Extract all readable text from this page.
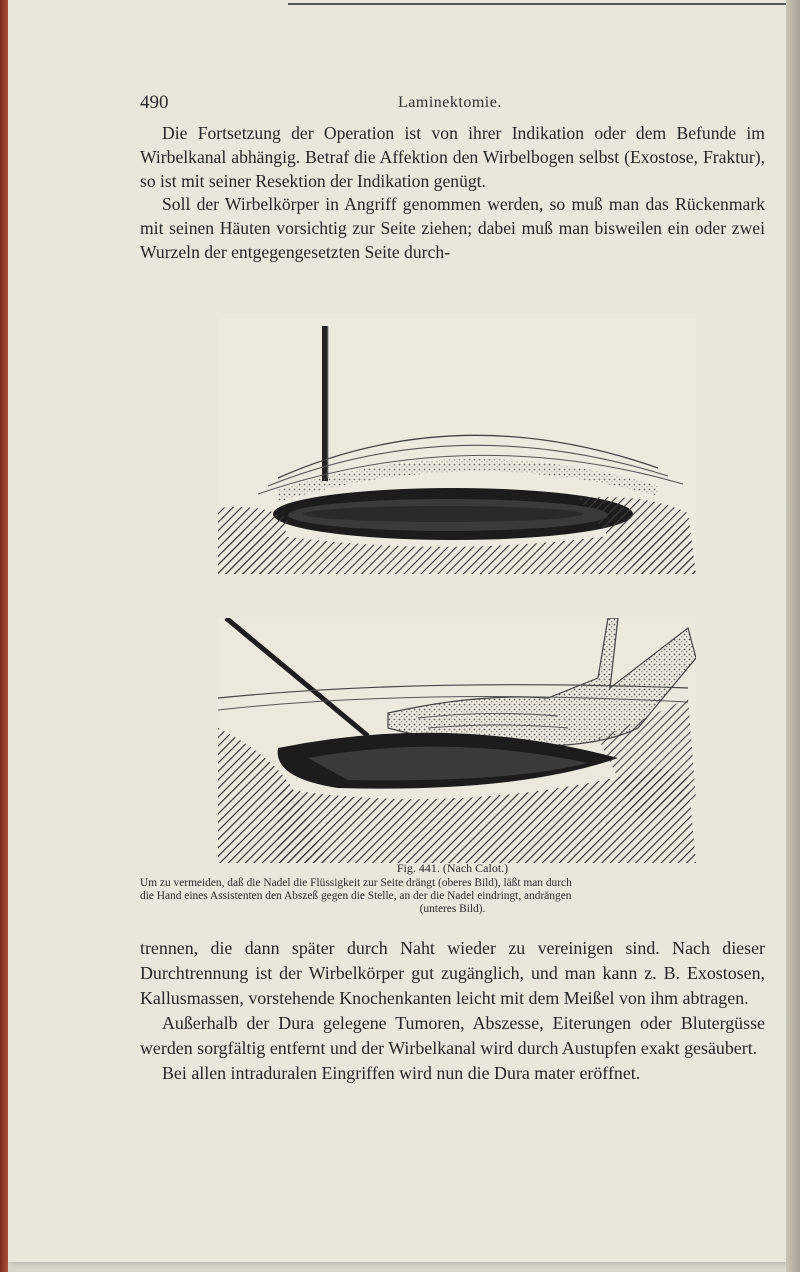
490	Laminektomie.

Die Fortsetzung der Operation ist von ihrer Indikation oder dem Befunde im Wirbelkanal abhängig. Betraf die Affektion den Wirbelbogen selbst (Exostose, Fraktur), so ist mit seiner Resektion der Indikation genügt.

Soll der Wirbelkörper in Angriff genommen werden, so muß man das Rückenmark mit seinen Häuten vorsichtig zur Seite ziehen; dabei muß man bisweilen ein oder zwei Wurzeln der entgegengesetzten Seite durch-

Fig. 441. (Nach Calot.)
Um zu vermeiden, daß die Nadel die Flüssigkeit zur Seite drängt (oberes Bild), läßt man durch
die Hand eines Assistenten den Abszeß gegen die Stelle, an der die Nadel eindringt, andrängen
(unteres Bild).

trennen, die dann später durch Naht wieder zu vereinigen sind. Nach dieser Durchtrennung ist der Wirbelkörper gut zugänglich, und man kann z. B. Exostosen, Kallusmassen, vorstehende Knochenkanten leicht mit dem Meißel von ihm abtragen.

Außerhalb der Dura gelegene Tumoren, Abszesse, Eiterungen oder Blutergüsse werden sorgfältig entfernt und der Wirbelkanal wird durch Austupfen exakt gesäubert.

Bei allen intraduralen Eingriffen wird nun die Dura mater eröffnet.
